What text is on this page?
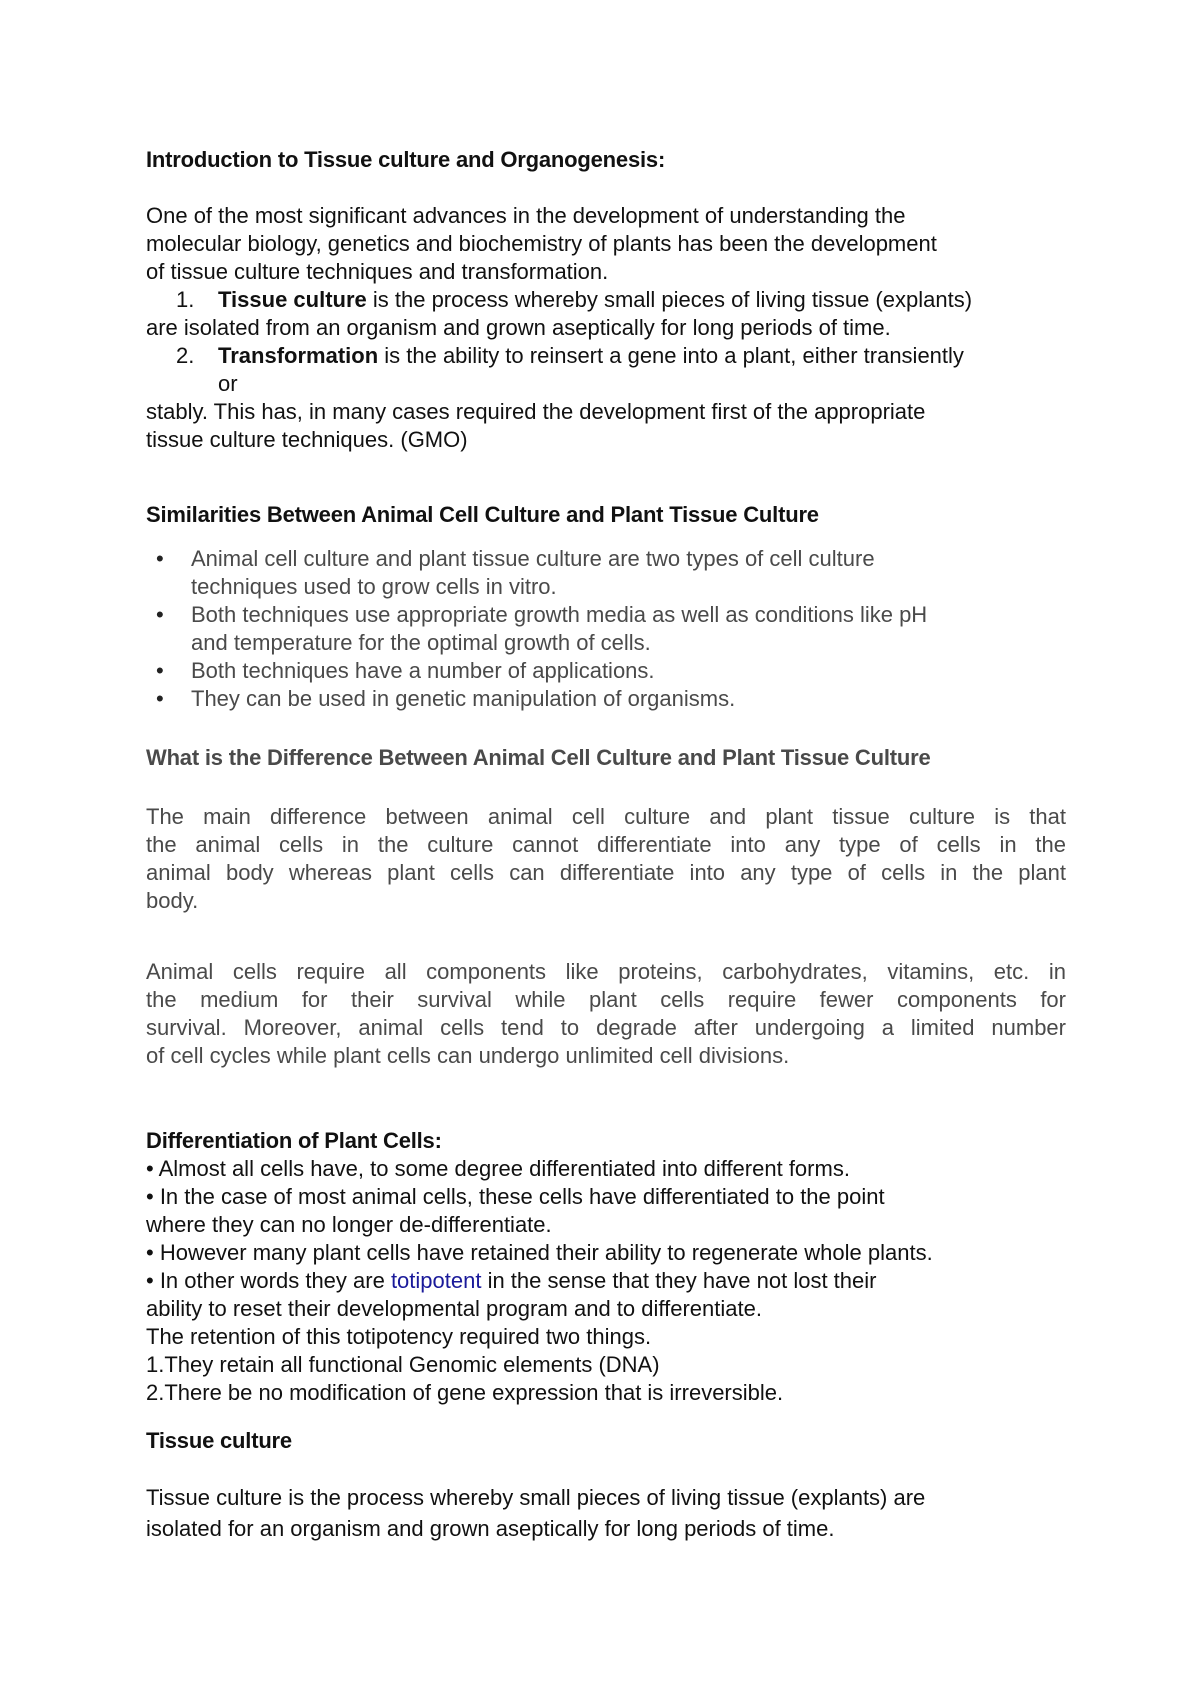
Introduction to Tissue culture and Organogenesis:

One of the most significant advances in the development of understanding the

molecular biology, genetics and biochemistry of plants has been the development

of tissue culture techniques and transformation.

1. Tissue culture is the process whereby small pieces of living tissue (explants)

are isolated from an organism and grown aseptically for long periods of time.

2. Transformation is the ability to reinsert a gene into a plant, either transiently

or

stably. This has, in many cases required the development first of the appropriate

tissue culture techniques. (GMO)

Similarities Between Animal Cell Culture and Plant Tissue Culture
• Animal cell culture and plant tissue culture are two types of cell culture
techniques used to grow cells in vitro.
• Both techniques use appropriate growth media as well as conditions like pH
and temperature for the optimal growth of cells.
• Both techniques have a number of applications.
• They can be used in genetic manipulation of organisms.
What is the Difference Between Animal Cell Culture and Plant Tissue Culture

The main difference between animal cell culture and plant tissue culture is that

the animal cells in the culture cannot differentiate into any type of cells in the

animal body whereas plant cells can differentiate into any type of cells in the plant

body.

Animal cells require all components like proteins, carbohydrates, vitamins, etc. in

the medium for their survival while plant cells require fewer components for

survival. Moreover, animal cells tend to degrade after undergoing a limited number

of cell cycles while plant cells can undergo unlimited cell divisions.

Differentiation of Plant Cells:

• Almost all cells have, to some degree differentiated into different forms.

• In the case of most animal cells, these cells have differentiated to the point

where they can no longer de-differentiate.

• However many plant cells have retained their ability to regenerate whole plants.

• In other words they are totipotent in the sense that they have not lost their

ability to reset their developmental program and to differentiate.

The retention of this totipotency required two things.

1.They retain all functional Genomic elements (DNA)

2.There be no modification of gene expression that is irreversible.

Tissue culture

Tissue culture is the process whereby small pieces of living tissue (explants) are

isolated for an organism and grown aseptically for long periods of time.
